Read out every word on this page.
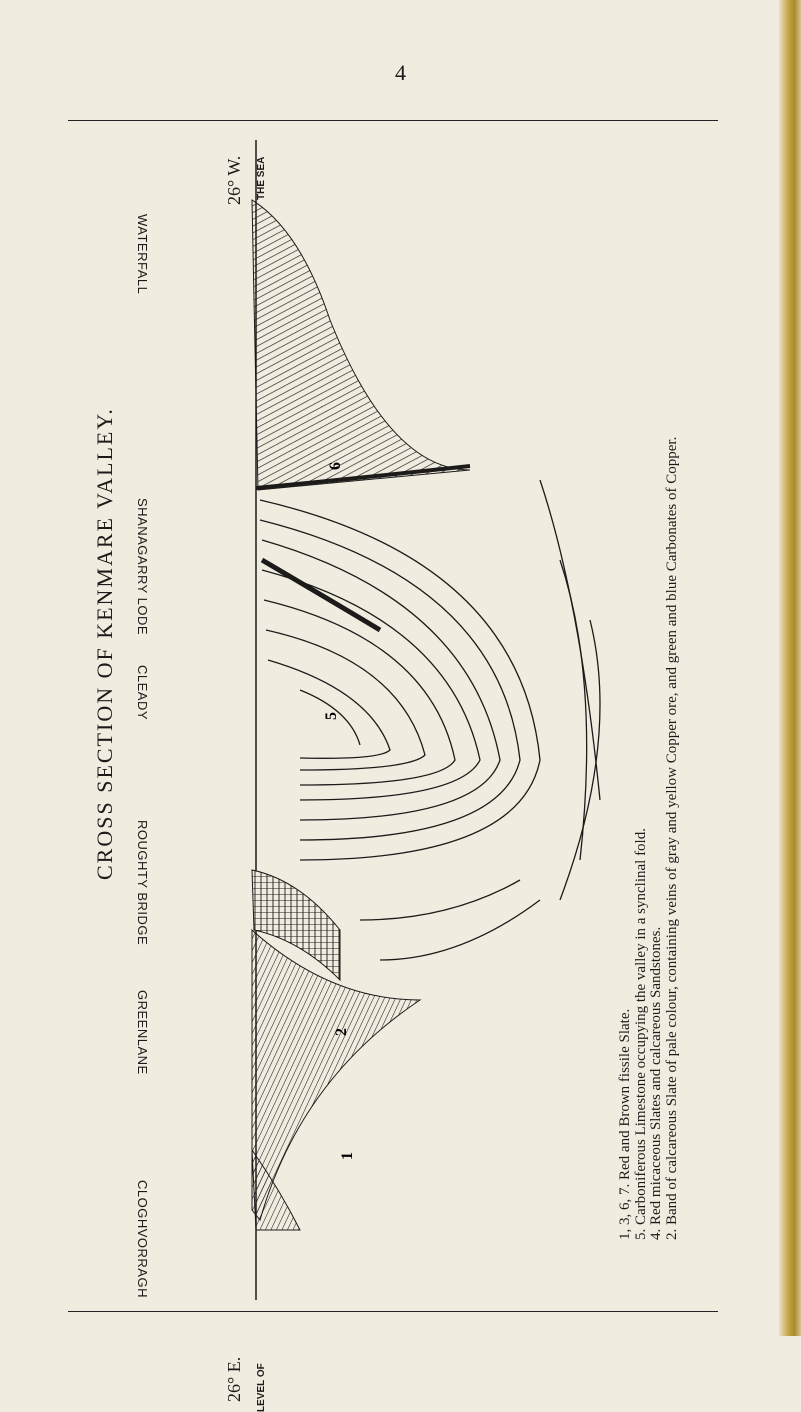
4
CROSS SECTION OF KENMARE VALLEY.
WATERFALL
SHANAGARRY LODE
CLEADY
ROUGHTY BRIDGE
GREENLANE
CLOGHVORRAGH
26° W.
26° E.
THE SEA
LEVEL OF
6
5
2
1	1, 3, 6, 7. Red and Brown fissile Slate. 5. Carboniferous Limestone occupying the valley in a synclinal fold. 4. Red micaceous Slates and calcareous Sandstones. 2. Band of calcareous Slate of pale colour, containing veins of gray and yellow Copper ore, and green and blue Carbonates of Copper.
